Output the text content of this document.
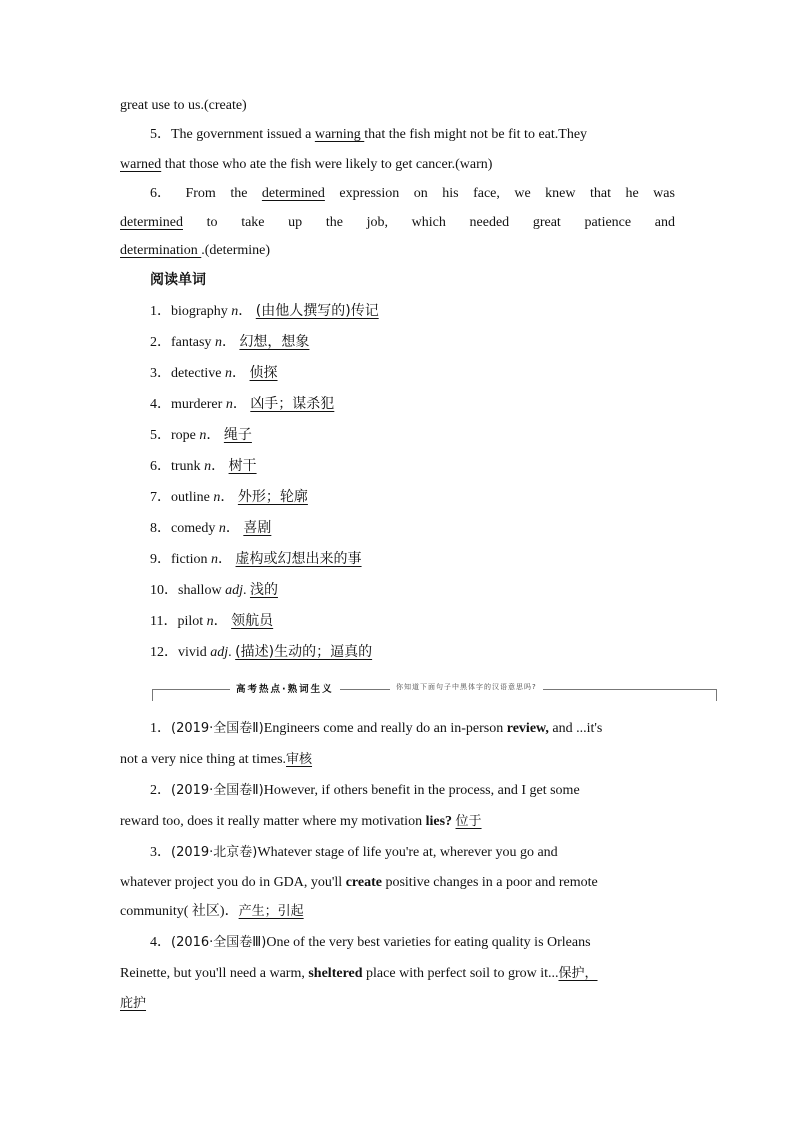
great use to us.(create)
5．The government issued a warning that the fish might not be fit to eat.They
warned that those who ate the fish were likely to get cancer.(warn)
6． From the determined expression on his face, we knew that he was
determined to take up the job, which needed great patience and
determination .(determine)
阅读单词
1．biography n． (由他人撰写的)传记
2．fantasy n． 幻想，想象
3．detective n． 侦探
4．murderer n． 凶手；谋杀犯
5．rope n． 绳子
6．trunk n． 树干
7．outline n． 外形；轮廓
8．comedy n． 喜剧
9．fiction n． 虚构或幻想出来的事
10．shallow adj. 浅的
11．pilot n． 领航员
12．vivid adj. (描述)生动的；逼真的
高考热点·熟词生义	你知道下面句子中黑体字的汉语意思吗?
1．(2019·全国卷Ⅱ)Engineers come and really do an in-person review, and ...it's
not a very nice thing at times.审核
2．(2019·全国卷Ⅱ)However, if others benefit in the process, and I get some
reward too, does it really matter where my motivation lies? 位于
3．(2019·北京卷)Whatever stage of life you're at, wherever you go and
whatever project you do in GDA, you'll create positive changes in a poor and remote
community( 社区)．产生；引起
4．(2016·全国卷Ⅲ)One of the very best varieties for eating quality is Orleans
Reinette, but you'll need a warm, sheltered place with perfect soil to grow it...保护，
庇护
